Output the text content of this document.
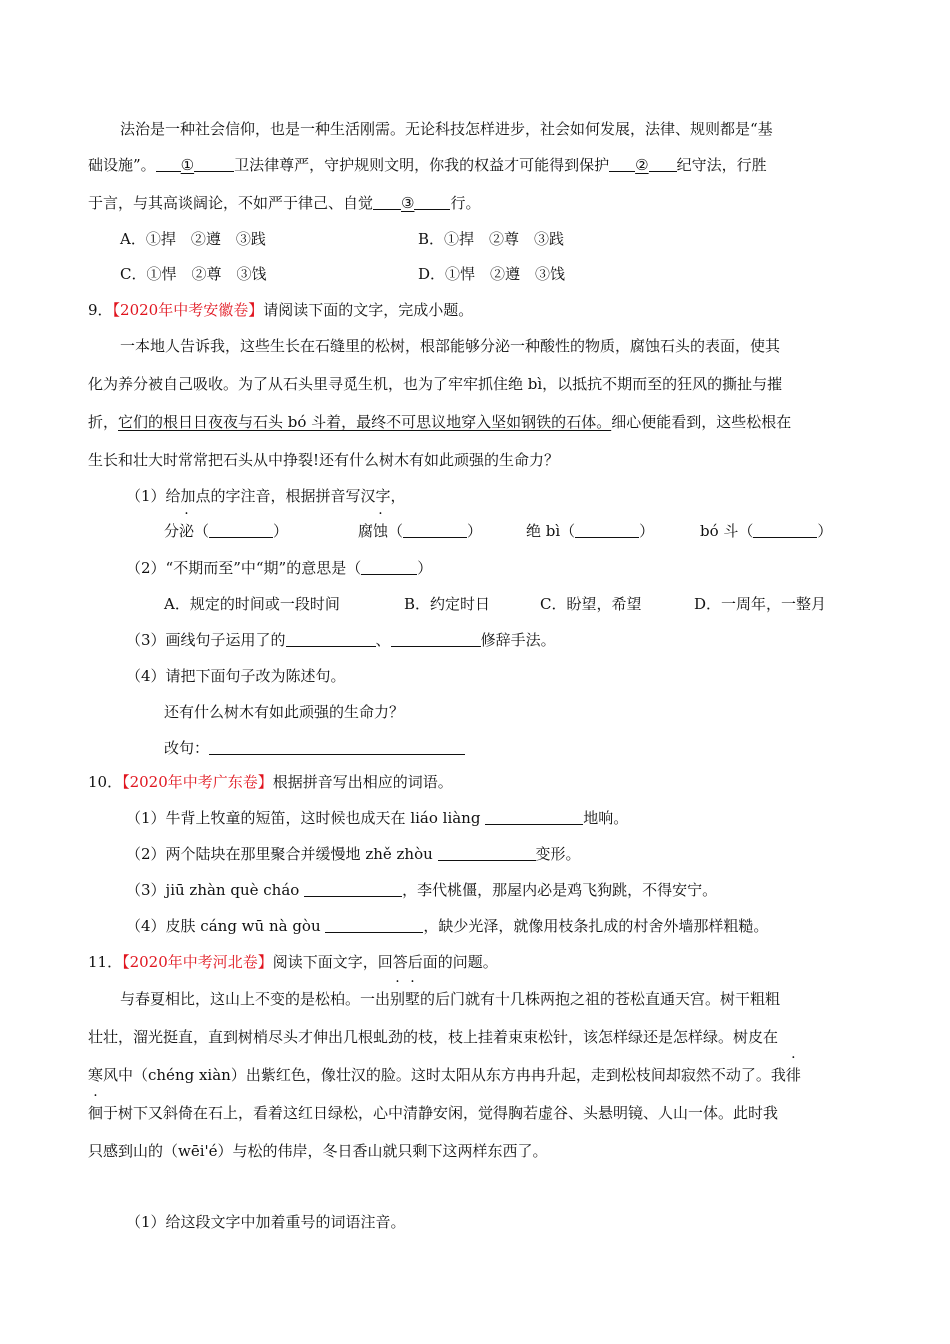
法治是一种社会信仰，也是一种生活刚需。无论科技怎样进步，社会如何发展，法律、规则都是“基
础设施”。 ①	卫法律尊严，守护规则文明，你我的权益才可能得到保护 ② 纪守法，行胜
于言，与其高谈阔论，不如严于律己、自觉 ③ 行。
A．①捍　②遵　③践	B．①捍　②尊　③践
C．①悍　②尊　③饯	D．①悍　②遵　③饯
9．【2020年中考安徽卷】请阅读下面的文字，完成小题。
一本地人告诉我，这些生长在石缝里的松树，根部能够分泌一种酸性的物质，腐蚀石头的表面，使其
化为养分被自己吸收。为了从石头里寻觅生机，也为了牢牢抓住绝 bì，以抵抗不期而至的狂风的撕扯与摧
折，它们的根日日夜夜与石头 bó 斗着，最终不可思议地穿入坚如钢铁的石体。细心便能看到，这些松根在
生长和壮大时常常把石头从中挣裂!还有什么树木有如此顽强的生命力？
（1）给加点的字注音，根据拼音写汉字，
分泌（	）	腐蚀（	）	绝 bì（	）	bó 斗（	）
（2）“不期而至”中“期”的意思是（	）
A．规定的时间或一段时间	B．约定时日	C．盼望，希望	D．一周年，一整月
（3）画线句子运用了的	、	修辞手法。
（4）请把下面句子改为陈述句。
还有什么树木有如此顽强的生命力？
改句：
10．【2020年中考广东卷】根据拼音写出相应的词语。
（1）牛背上牧童的短笛，这时候也成天在 liáo liàng	地响。
（2）两个陆块在那里聚合并缓慢地 zhě zhòu	变形。
（3）jiū zhàn què cháo	，李代桃僵，那屋内必是鸡飞狗跳，不得安宁。
（4）皮肤 cáng wū nà gòu	，缺少光泽，就像用枝条扎成的村舍外墙那样粗糙。
11．【2020年中考河北卷】阅读下面文字，回答后面的问题。
与春夏相比，这山上不变的是松柏。一出别墅的后门就有十几株两抱之祖的苍松直通天宫。树干粗粗
壮壮，溜光挺直，直到树梢尽头才伸出几根虬劲的枝，枝上挂着束束松针，该怎样绿还是怎样绿。树皮在
寒风中（chéng xiàn）出紫红色，像壮汉的脸。这时太阳从东方冉冉升起，走到松枝间却寂然不动了。我徘
徊于树下又斜倚在石上，看着这红日绿松，心中清静安闲，觉得胸若虚谷、头悬明镜、人山一体。此时我
只感到山的（wēi'é）与松的伟岸，冬日香山就只剩下这两样东西了。
（1）给这段文字中加着重号的词语注音。
